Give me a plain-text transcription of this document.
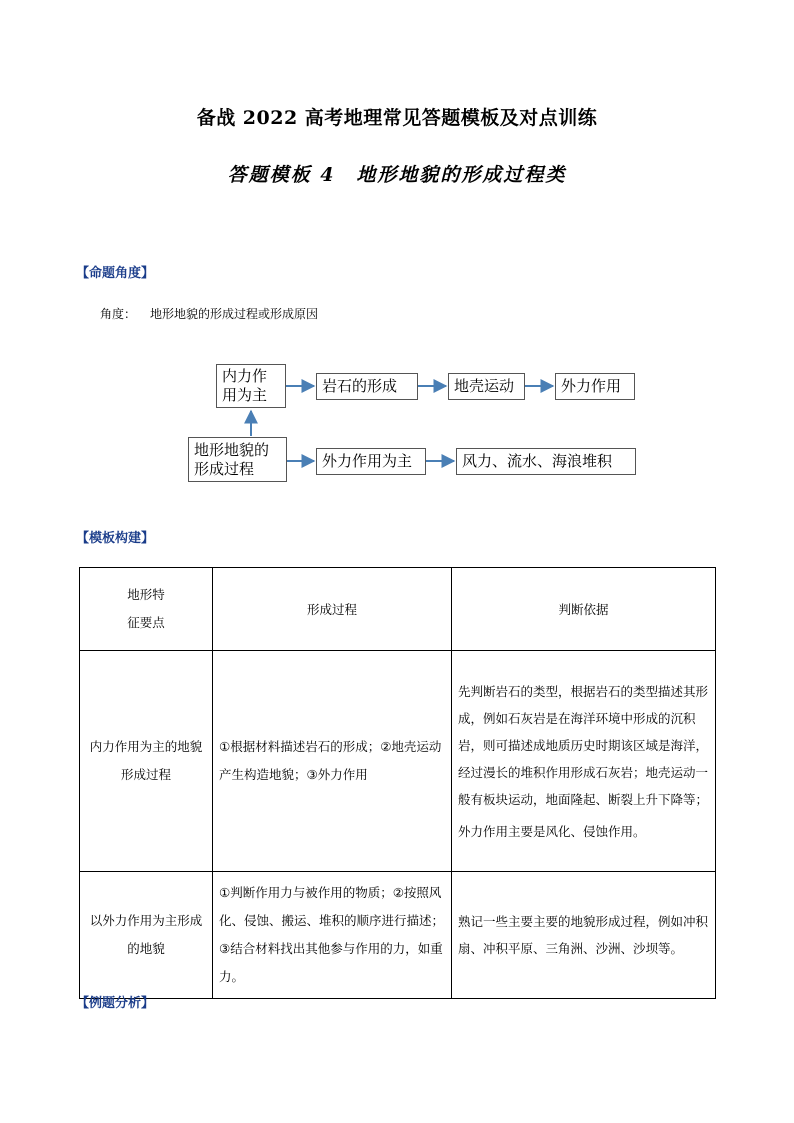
备战 2022 高考地理常见答题模板及对点训练
答题模板 4　地形地貌的形成过程类
【命题角度】
角度： 地形地貌的形成过程或形成原因
内力作用为主	岩石的形成	地壳运动	外力作用
地形地貌的形成过程	外力作用为主	风力、流水、海浪堆积
【模板构建】
地形特
征要点	形成过程	判断依据
内力作用为主的地貌形成过程	①根据材料描述岩石的形成；②地壳运动产生构造地貌；③外力作用	先判断岩石的类型，根据岩石的类型描述其形成，例如石灰岩是在海洋环境中形成的沉积岩，则可描述成地质历史时期该区域是海洋，经过漫长的堆积作用形成石灰岩；地壳运动一般有板块运动，地面隆起、断裂上升下降等；

外力作用主要是风化、侵蚀作用。

以外力作用为主形成的地貌	①判断作用力与被作用的物质；②按照风化、侵蚀、搬运、堆积的顺序进行描述；③结合材料找出其他参与作用的力，如重力。	熟记一些主要主要的地貌形成过程，例如冲积扇、冲积平原、三角洲、沙洲、沙坝等。

【例题分析】
